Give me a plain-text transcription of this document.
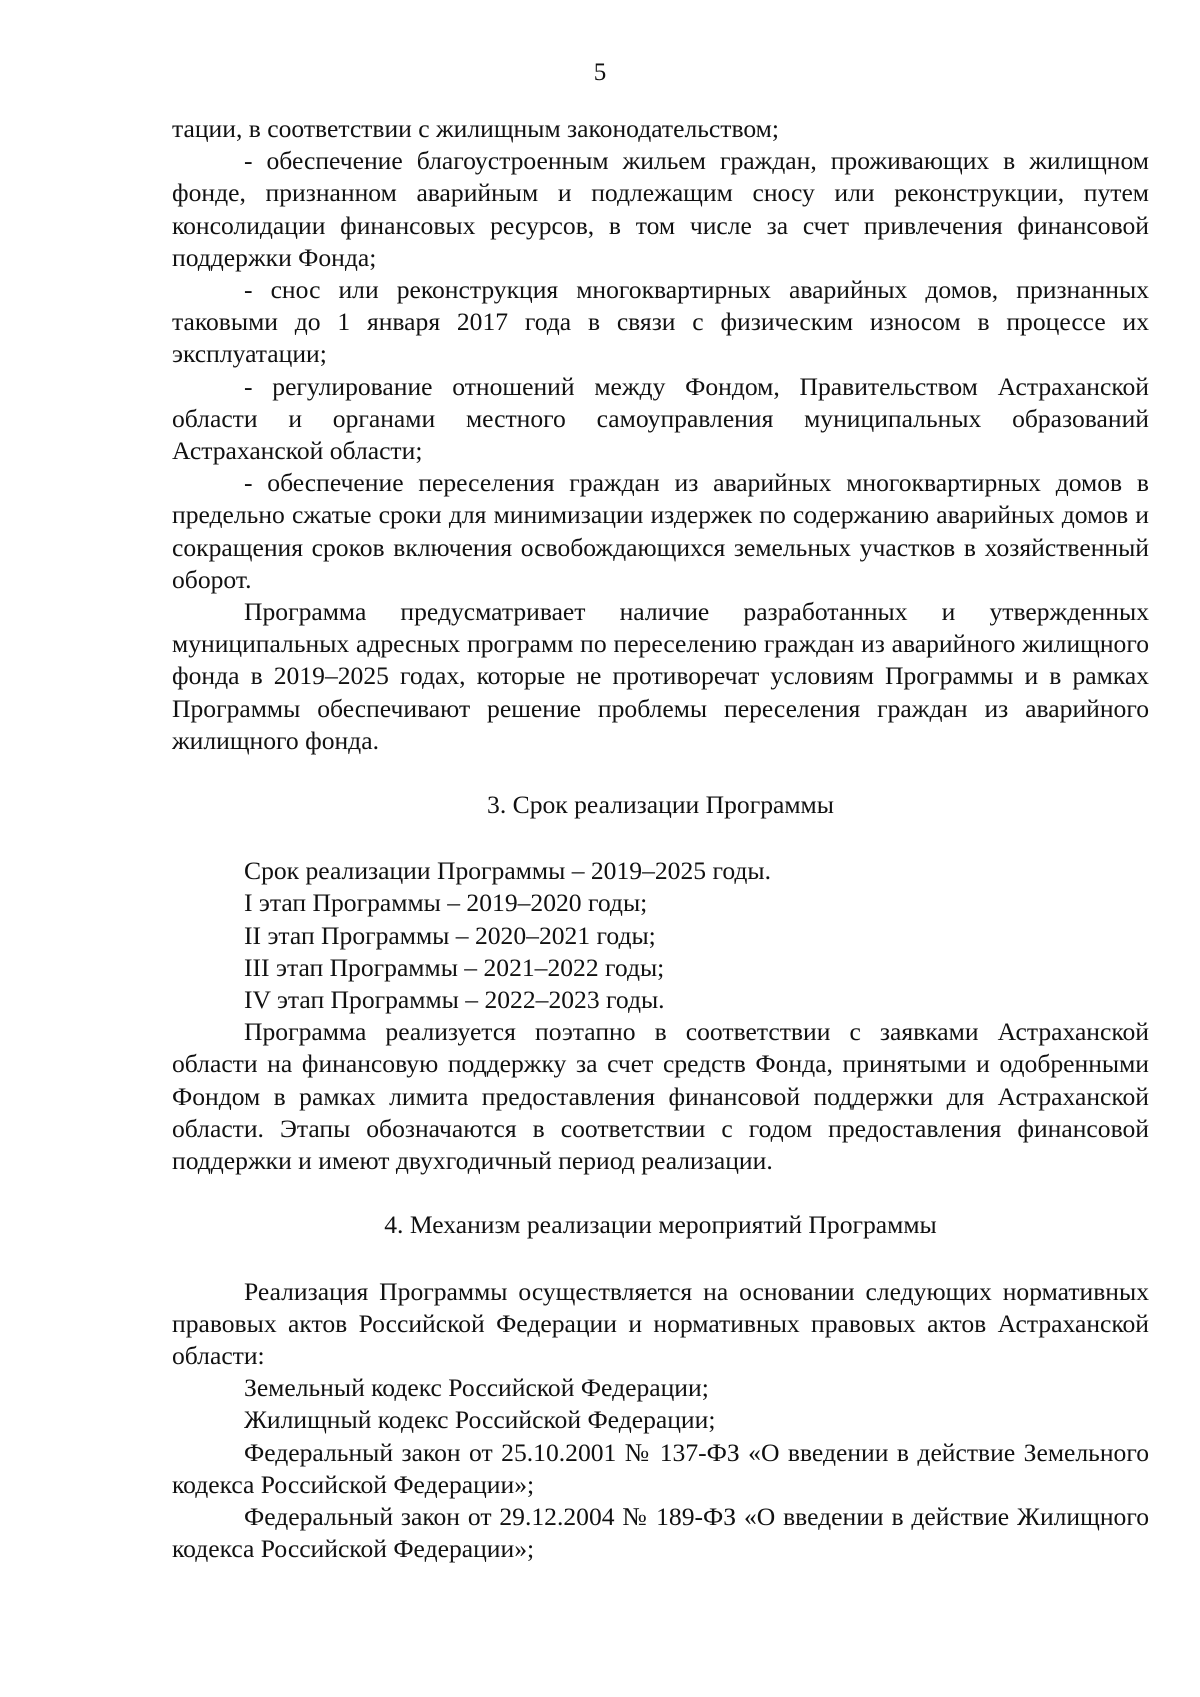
5

тации, в соответствии с жилищным законодательством;

- обеспечение благоустроенным жильем граждан, проживающих в жилищном фонде, признанном аварийным и подлежащим сносу или реконструкции, путем консолидации финансовых ресурсов, в том числе за счет привлечения финансовой поддержки Фонда;

- снос или реконструкция многоквартирных аварийных домов, признанных таковыми до 1 января 2017 года в связи с физическим износом в процессе их эксплуатации;

- регулирование отношений между Фондом, Правительством Астраханской области и органами местного самоуправления муниципальных образований Астраханской области;

- обеспечение переселения граждан из аварийных многоквартирных домов в предельно сжатые сроки для минимизации издержек по содержанию аварийных домов и сокращения сроков включения освобождающихся земельных участков в хозяйственный оборот.

Программа предусматривает наличие разработанных и утвержденных муниципальных адресных программ по переселению граждан из аварийного жилищного фонда в 2019–2025 годах, которые не противоречат условиям Программы и в рамках Программы обеспечивают решение проблемы переселения граждан из аварийного жилищного фонда.

3. Срок реализации Программы

Срок реализации Программы – 2019–2025 годы.

I этап Программы – 2019–2020 годы;

II этап Программы – 2020–2021 годы;

III этап Программы – 2021–2022 годы;

IV этап Программы – 2022–2023 годы.

Программа реализуется поэтапно в соответствии с заявками Астраханской области на финансовую поддержку за счет средств Фонда, принятыми и одобренными Фондом в рамках лимита предоставления финансовой поддержки для Астраханской области. Этапы обозначаются в соответствии с годом предоставления финансовой поддержки и имеют двухгодичный период реализации.

4. Механизм реализации мероприятий Программы

Реализация Программы осуществляется на основании следующих нормативных правовых актов Российской Федерации и нормативных правовых актов Астраханской области:

Земельный кодекс Российской Федерации;

Жилищный кодекс Российской Федерации;

Федеральный закон от 25.10.2001 № 137-ФЗ «О введении в действие Земельного кодекса Российской Федерации»;

Федеральный закон от 29.12.2004 № 189-ФЗ «О введении в действие Жилищного кодекса Российской Федерации»;
